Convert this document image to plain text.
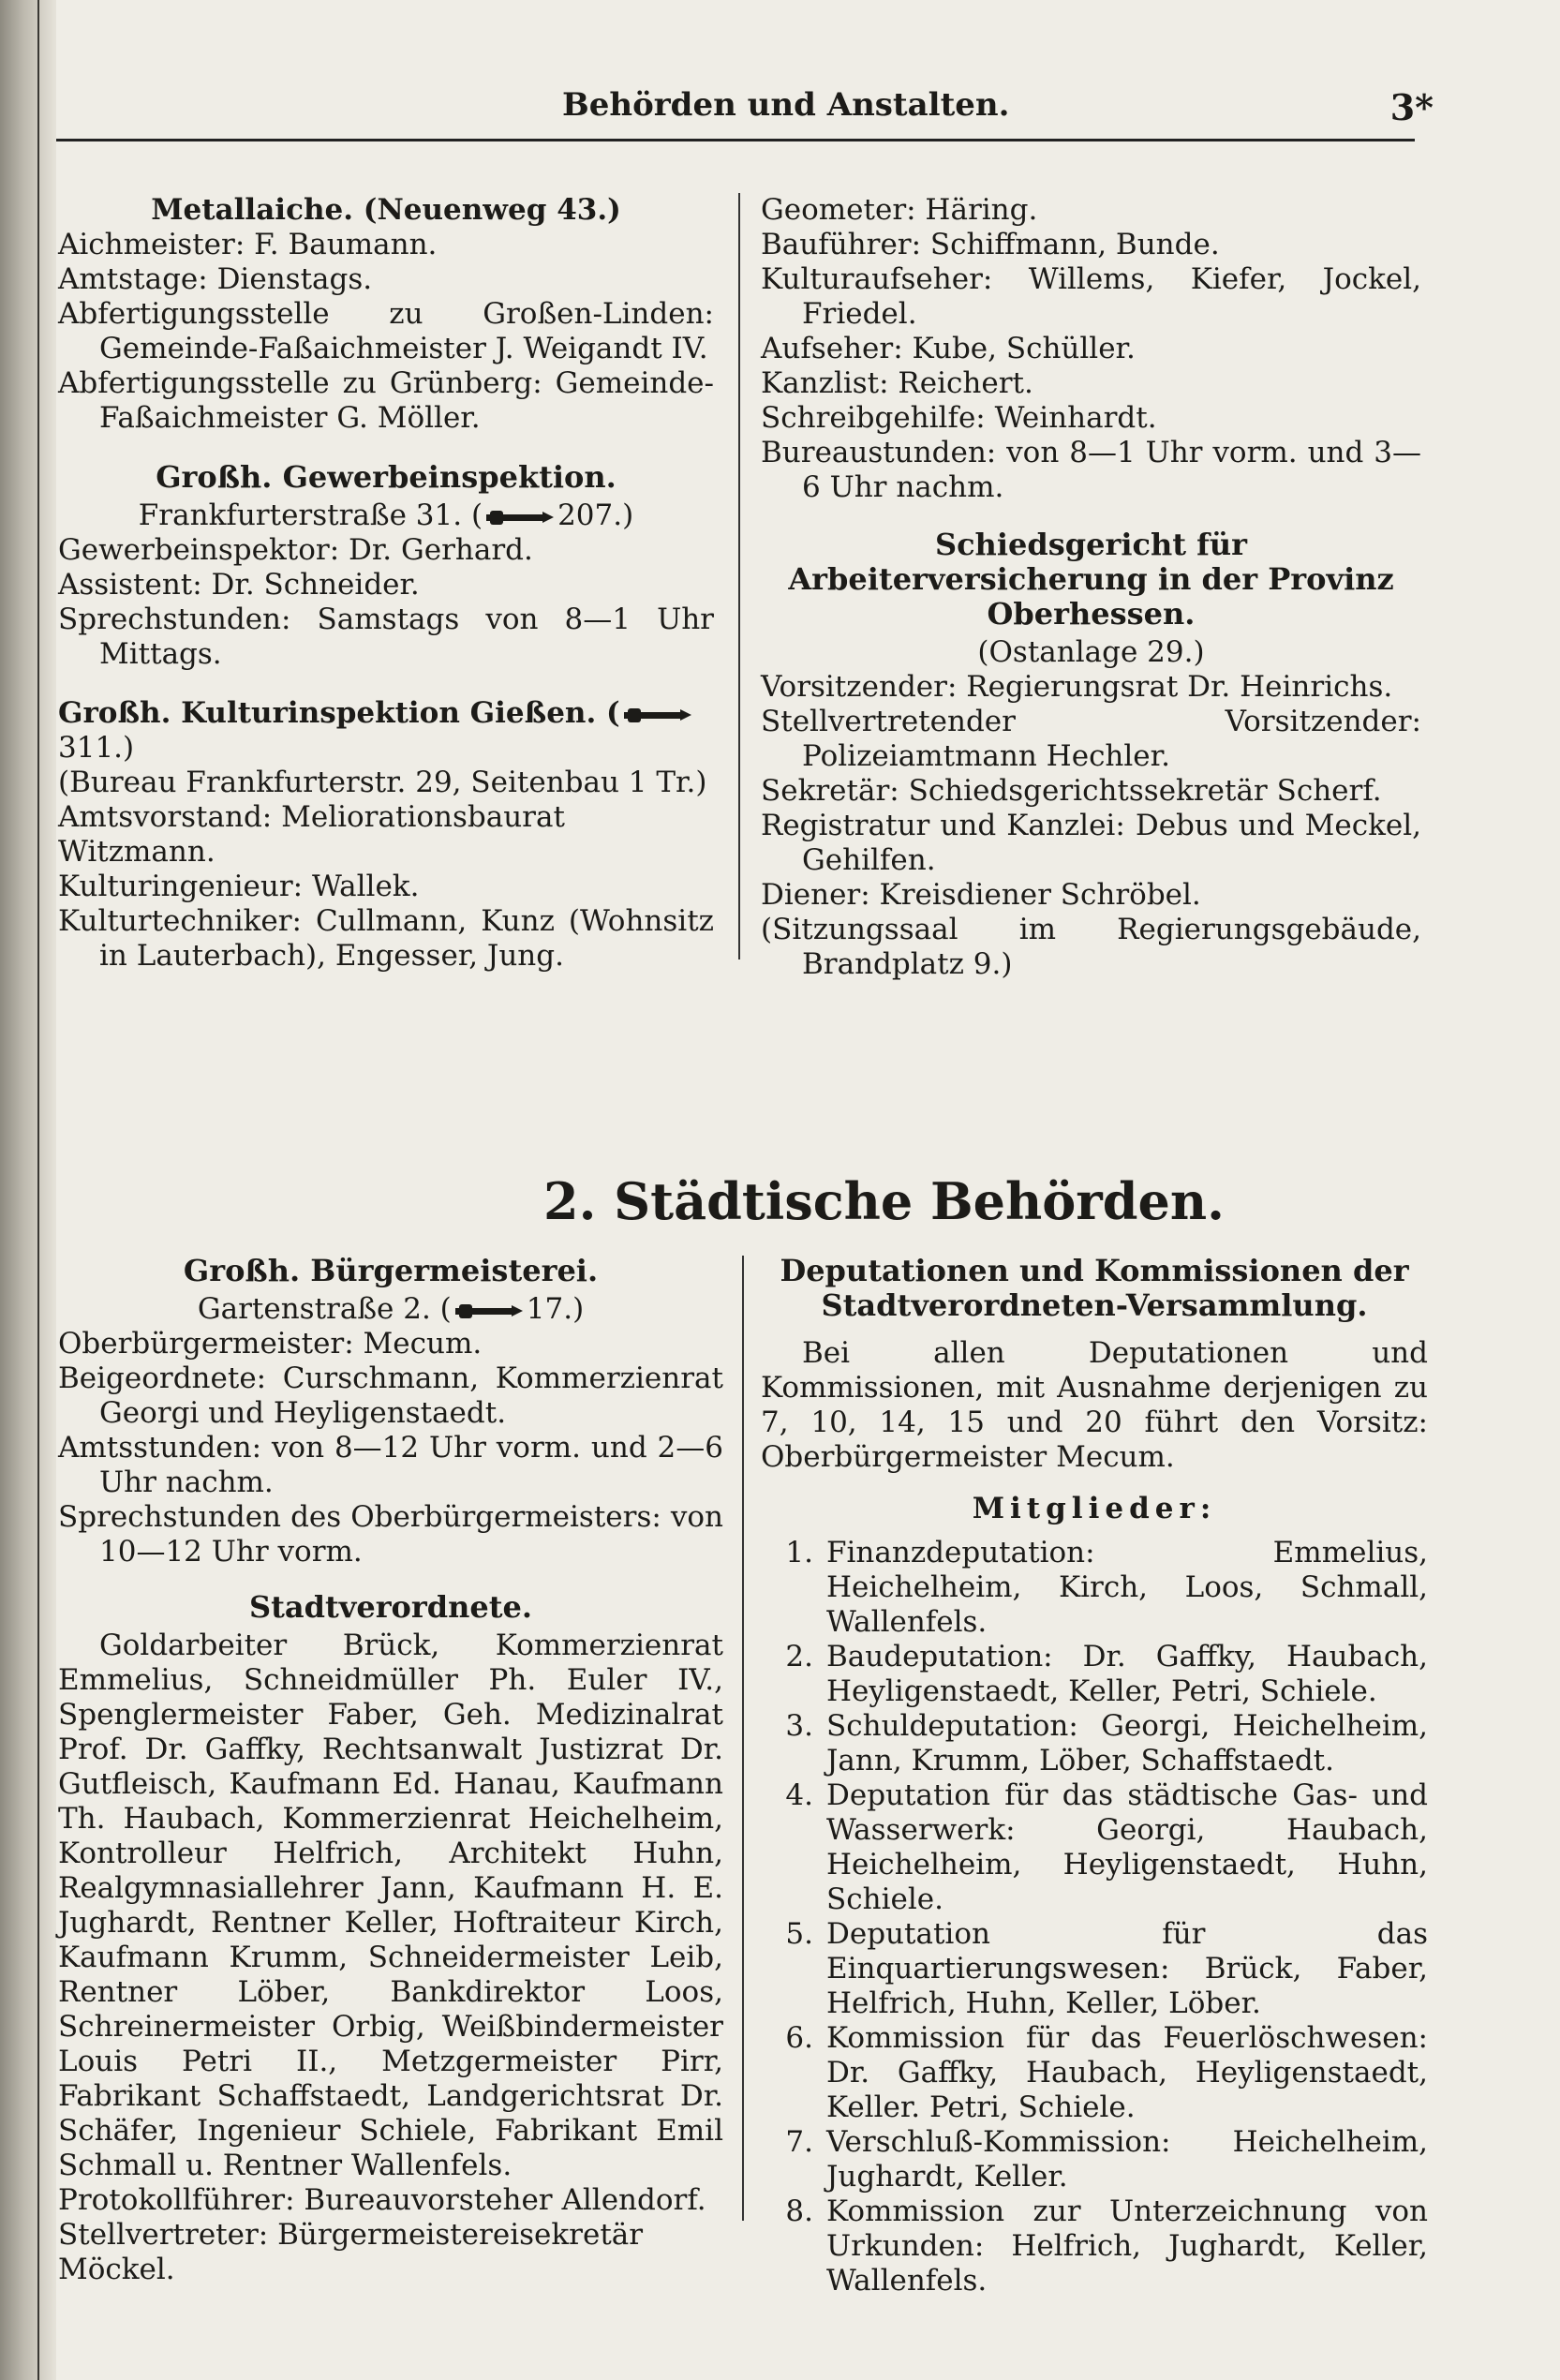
Behörden und Anstalten.	3*

Metallaiche. (Neuenweg 43.)

Aichmeister: F. Baumann.

Amtstage: Dienstags.

Abfertigungsstelle zu Großen-Linden: Gemeinde-Faßaichmeister J. Weigandt IV.

Abfertigungsstelle zu Grünberg: Gemeinde-Faßaichmeister G. Möller.

Großh. Gewerbeinspektion.

Frankfurterstraße 31. (	207.)

Gewerbeinspektor: Dr. Gerhard.

Assistent: Dr. Schneider.

Sprechstunden: Samstags von 8—1 Uhr Mittags.

Großh. Kulturinspektion Gießen. (311.)

(Bureau Frankfurterstr. 29, Seitenbau 1 Tr.)

Amtsvorstand: Meliorationsbaurat Witzmann.

Kulturingenieur: Wallek.

Kulturtechniker: Cullmann, Kunz (Wohnsitz in Lauterbach), Engesser, Jung.

Geometer: Häring.

Bauführer: Schiffmann, Bunde.

Kulturaufseher: Willems, Kiefer, Jockel, Friedel.

Aufseher: Kube, Schüller.

Kanzlist: Reichert.

Schreibgehilfe: Weinhardt.

Bureaustunden: von 8—1 Uhr vorm. und 3—6 Uhr nachm.

Schiedsgericht für Arbeiterversicherung in der Provinz Oberhessen.

(Ostanlage 29.)

Vorsitzender: Regierungsrat Dr. Heinrichs.

Stellvertretender Vorsitzender: Polizeiamtmann Hechler.

Sekretär: Schiedsgerichtssekretär Scherf.

Registratur und Kanzlei: Debus und Meckel, Gehilfen.

Diener: Kreisdiener Schröbel.

(Sitzungssaal im Regierungsgebäude, Brandplatz 9.)

2. Städtische Behörden.

Großh. Bürgermeisterei.

Gartenstraße 2. (	17.)

Oberbürgermeister: Mecum.

Beigeordnete: Curschmann, Kommerzienrat Georgi und Heyligenstaedt.

Amtsstunden: von 8—12 Uhr vorm. und 2—6 Uhr nachm.

Sprechstunden des Oberbürgermeisters: von 10—12 Uhr vorm.

Stadtverordnete.

Goldarbeiter Brück, Kommerzienrat Emmelius, Schneidmüller Ph. Euler IV., Spenglermeister Faber, Geh. Medizinalrat Prof. Dr. Gaffky, Rechtsanwalt Justizrat Dr. Gutfleisch, Kaufmann Ed. Hanau, Kaufmann Th. Haubach, Kommerzienrat Heichelheim, Kontrolleur Helfrich, Architekt Huhn, Realgymnasiallehrer Jann, Kaufmann H. E. Jughardt, Rentner Keller, Hoftraiteur Kirch, Kaufmann Krumm, Schneidermeister Leib, Rentner Löber, Bankdirektor Loos, Schreinermeister Orbig, Weißbindermeister Louis Petri II., Metzgermeister Pirr, Fabrikant Schaffstaedt, Landgerichtsrat Dr. Schäfer, Ingenieur Schiele, Fabrikant Emil Schmall u. Rentner Wallenfels.

Protokollführer: Bureauvorsteher Allendorf.

Stellvertreter: Bürgermeistereisekretär Möckel.

Deputationen und Kommissionen der Stadtverordneten-Versammlung.

Bei allen Deputationen und Kommissionen, mit Ausnahme derjenigen zu 7, 10, 14, 15 und 20 führt den Vorsitz: Oberbürgermeister Mecum.

Mitglieder:

1. Finanzdeputation: Emmelius, Heichelheim, Kirch, Loos, Schmall, Wallenfels.
2. Baudeputation: Dr. Gaffky, Haubach, Heyligenstaedt, Keller, Petri, Schiele.
3. Schuldeputation: Georgi, Heichelheim, Jann, Krumm, Löber, Schaffstaedt.
4. Deputation für das städtische Gas- und Wasserwerk: Georgi, Haubach, Heichelheim, Heyligenstaedt, Huhn, Schiele.
5. Deputation für das Einquartierungswesen: Brück, Faber, Helfrich, Huhn, Keller, Löber.
6. Kommission für das Feuerlöschwesen: Dr. Gaffky, Haubach, Heyligenstaedt, Keller. Petri, Schiele.
7. Verschluß-Kommission: Heichelheim, Jughardt, Keller.
8. Kommission zur Unterzeichnung von Urkunden: Helfrich, Jughardt, Keller, Wallenfels.
